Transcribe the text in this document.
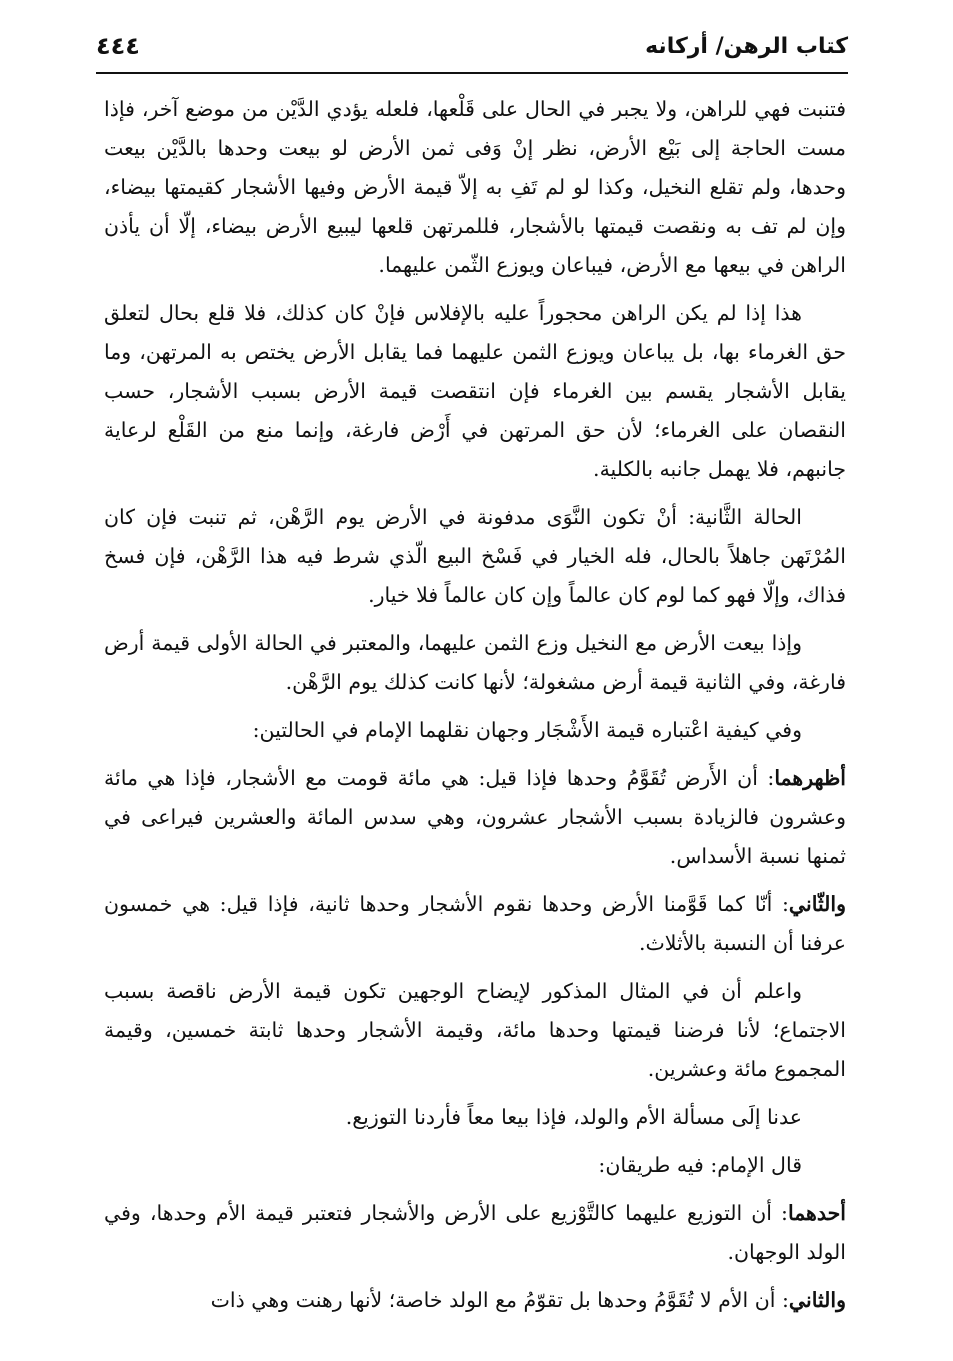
كتاب الرهن/ أركانه
٤٤٤

فتنبت فهي للراهن، ولا يجبر في الحال على قَلْعها، فلعله يؤدي الدَّيْن من موضع آخر، فإذا مست الحاجة إلى بَيْع الأرض، نظر إنْ وَفى ثمن الأرض لو بيعت وحدها بالدَّيْن بيعت وحدها، ولم تقلع النخيل، وكذا لو لم تَفِ به إلاّ قيمة الأرض وفيها الأشجار كقيمتها بيضاء، وإن لم تف به ونقصت قيمتها بالأشجار، فللمرتهن قلعها ليبيع الأرض بيضاء، إلّا أن يأذن الراهن في بيعها مع الأرض، فيباعان ويوزع الثّمن عليهما.

هذا إذا لم يكن الراهن محجوراً عليه بالإفلاس فإنْ كان كذلك، فلا قلع بحال لتعلق حق الغرماء بها، بل يباعان ويوزع الثمن عليهما فما يقابل الأرض يختص به المرتهن، وما يقابل الأشجار يقسم بين الغرماء فإن انتقصت قيمة الأرض بسبب الأشجار، حسب النقصان على الغرماء؛ لأن حق المرتهن في أَرْض فارغة، وإنما منع من القَلْع لرعاية جانبهم، فلا يهمل جانبه بالكلية.

الحالة الثَّانية: أنْ تكون النَّوَى مدفونة في الأرض يوم الرَّهْن، ثم تنبت فإن كان المُرْتَهن جاهلاً بالحال، فله الخيار في فَسْخ البيع الّذي شرط فيه هذا الرَّهْن، فإن فسخ فذاك، وإلّا فهو كما لوم كان عالماً وإن كان عالماً فلا خيار.

وإذا بيعت الأرض مع النخيل وزع الثمن عليهما، والمعتبر في الحالة الأولى قيمة أرض فارغة، وفي الثانية قيمة أرض مشغولة؛ لأنها كانت كذلك يوم الرَّهْن.

وفي كيفية اعْتباره قيمة الأَشْجَار وجهان نقلهما الإمام في الحالتين:

أظهرهما: أن الأَرض تُقَوَّمُ وحدها فإذا قيل: هي مائة قومت مع الأشجار، فإذا هي مائة وعشرون فالزيادة بسبب الأشجار عشرون، وهي سدس المائة والعشرين فيراعى في ثمنها نسبة الأسداس.

والثّاني: أنّا كما قَوَّمنا الأرض وحدها نقوم الأشجار وحدها ثانية، فإذا قيل: هي خمسون عرفنا أن النسبة بالأثلاث.

واعلم أن في المثال المذكور لإيضاح الوجهين تكون قيمة الأرض ناقصة بسبب الاجتماع؛ لأنا فرضنا قيمتها وحدها مائة، وقيمة الأشجار وحدها ثابتة خمسين، وقيمة المجموع مائة وعشرين.

عدنا إلَى مسألة الأم والولد، فإذا بيعا معاً فأردنا التوزيع.

قال الإمام: فيه طريقان:

أحدهما: أن التوزيع عليهما كالتَّوْزيع على الأرض والأشجار فتعتبر قيمة الأم وحدها، وفي الولد الوجهان.

والثاني: أن الأم لا تُقَوَّمُ وحدها بل تقوّمُ مع الولد خاصة؛ لأنها رهنت وهي ذات
